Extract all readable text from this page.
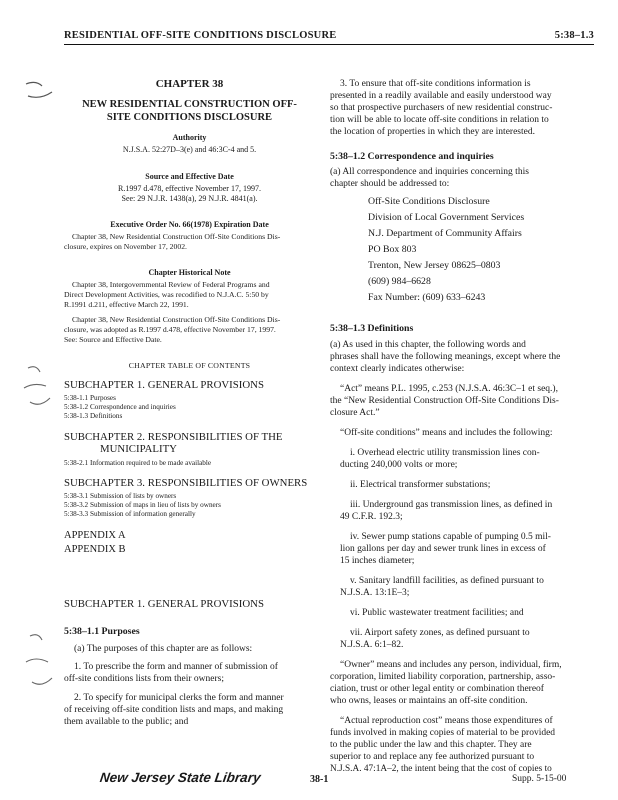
RESIDENTIAL OFF-SITE CONDITIONS DISCLOSURE	5:38–1.3
CHAPTER 38
NEW RESIDENTIAL CONSTRUCTION OFF-
SITE CONDITIONS DISCLOSURE
Authority
N.J.S.A. 52:27D–3(e) and 46:3C-4 and 5.
Source and Effective Date
R.1997 d.478, effective November 17, 1997.
See: 29 N.J.R. 1438(a), 29 N.J.R. 4841(a).
Executive Order No. 66(1978) Expiration Date
Chapter 38, New Residential Construction Off-Site Conditions Dis-
closure, expires on November 17, 2002.
Chapter Historical Note
Chapter 38, Intergovernmental Review of Federal Programs and
Direct Development Activities, was recodified to N.J.A.C. 5:50 by
R.1991 d.211, effective March 22, 1991.
Chapter 38, New Residential Construction Off-Site Conditions Dis-
closure, was adopted as R.1997 d.478, effective November 17, 1997.
See: Source and Effective Date.
CHAPTER TABLE OF CONTENTS
SUBCHAPTER 1. GENERAL PROVISIONS
5:38-1.1 Purposes
5:38-1.2 Correspondence and inquiries
5:38-1.3 Definitions
SUBCHAPTER 2. RESPONSIBILITIES OF THE
MUNICIPALITY
5:38-2.1 Information required to be made available
SUBCHAPTER 3. RESPONSIBILITIES OF OWNERS
5:38-3.1 Submission of lists by owners
5:38-3.2 Submission of maps in lieu of lists by owners
5:38-3.3 Submission of information generally
APPENDIX A
APPENDIX B
SUBCHAPTER 1. GENERAL PROVISIONS
5:38–1.1 Purposes
(a) The purposes of this chapter are as follows:
1. To prescribe the form and manner of submission of
off-site conditions lists from their owners;
2. To specify for municipal clerks the form and manner
of receiving off-site condition lists and maps, and making
them available to the public; and
3. To ensure that off-site conditions information is
presented in a readily available and easily understood way
so that prospective purchasers of new residential construc-
tion will be able to locate off-site conditions in relation to
the location of properties in which they are interested.
5:38–1.2 Correspondence and inquiries
(a) All correspondence and inquiries concerning this
chapter should be addressed to:
Off-Site Conditions Disclosure
Division of Local Government Services
N.J. Department of Community Affairs
PO Box 803
Trenton, New Jersey 08625–0803
(609) 984–6628
Fax Number: (609) 633–6243
5:38–1.3 Definitions
(a) As used in this chapter, the following words and
phrases shall have the following meanings, except where the
context clearly indicates otherwise:
“Act” means P.L. 1995, c.253 (N.J.S.A. 46:3C–1 et seq.),
the “New Residential Construction Off-Site Conditions Dis-
closure Act.”
“Off-site conditions” means and includes the following:
i. Overhead electric utility transmission lines con-
ducting 240,000 volts or more;
ii. Electrical transformer substations;
iii. Underground gas transmission lines, as defined in
49 C.F.R. 192.3;
iv. Sewer pump stations capable of pumping 0.5 mil-
lion gallons per day and sewer trunk lines in excess of
15 inches diameter;
v. Sanitary landfill facilities, as defined pursuant to
N.J.S.A. 13:1E–3;
vi. Public wastewater treatment facilities; and
vii. Airport safety zones, as defined pursuant to
N.J.S.A. 6:1–82.
“Owner” means and includes any person, individual, firm,
corporation, limited liability corporation, partnership, asso-
ciation, trust or other legal entity or combination thereof
who owns, leases or maintains an off-site condition.
“Actual reproduction cost” means those expenditures of
funds involved in making copies of material to be provided
to the public under the law and this chapter. They are
superior to and replace any fee authorized pursuant to
N.J.S.A. 47:1A–2, the intent being that the cost of copies to
New Jersey State Library	38-1	Supp. 5-15-00
